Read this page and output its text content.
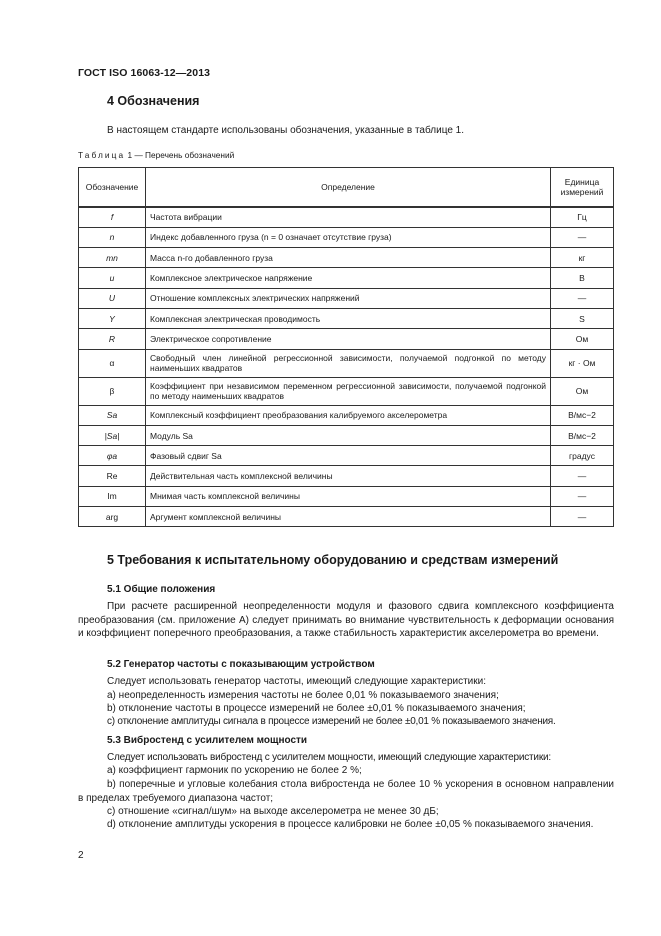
ГОСТ ISO 16063-12—2013
4 Обозначения
В настоящем стандарте использованы обозначения, указанные в таблице 1.
Таблица 1 — Перечень обозначений
Обозначение	Определение	Единица измерений
f	Частота вибрации	Гц
n	Индекс добавленного груза (n = 0 означает отсутствие груза)	—
mn	Масса n-го добавленного груза	кг
u	Комплексное электрическое напряжение	В
U	Отношение комплексных электрических напряжений	—
Y	Комплексная электрическая проводимость	S
R	Электрическое сопротивление	Ом
α	Свободный член линейной регрессионной зависимости, получаемой подгонкой по методу наименьших квадратов	кг · Ом
β	Коэффициент при независимом переменном регрессионной зависимости, получаемой подгонкой по методу наименьших квадратов	Ом
Sa	Комплексный коэффициент преобразования калибруемого акселерометра	В/мс−2
|Sa|	Модуль Sa	В/мс−2
φa	Фазовый сдвиг Sa	градус
Re	Действительная часть комплексной величины	—
Im	Мнимая часть комплексной величины	—
arg	Аргумент комплексной величины	—
5 Требования к испытательному оборудованию и средствам измерений
5.1 Общие положения
При расчете расширенной неопределенности модуля и фазового сдвига комплексного коэффициента преобразования (см. приложение А) следует принимать во внимание чувствительность к деформации основания и коэффициент поперечного преобразования, а также стабильность характеристик акселерометра во времени.
5.2 Генератор частоты с показывающим устройством
Следует использовать генератор частоты, имеющий следующие характеристики:
a) неопределенность измерения частоты не более 0,01 % показываемого значения;
b) отклонение частоты в процессе измерений не более ±0,01 % показываемого значения;
c) отклонение амплитуды сигнала в процессе измерений не более ±0,01 % показываемого значения.
5.3 Вибростенд с усилителем мощности
Следует использовать вибростенд с усилителем мощности, имеющий следующие характеристики:
a) коэффициент гармоник по ускорению не более 2 %;
b) поперечные и угловые колебания стола вибростенда не более 10 % ускорения в основном направлении в пределах требуемого диапазона частот;
c) отношение «сигнал/шум» на выходе акселерометра не менее 30 дБ;
d) отклонение амплитуды ускорения в процессе калибровки не более ±0,05 % показываемого значения.
2
